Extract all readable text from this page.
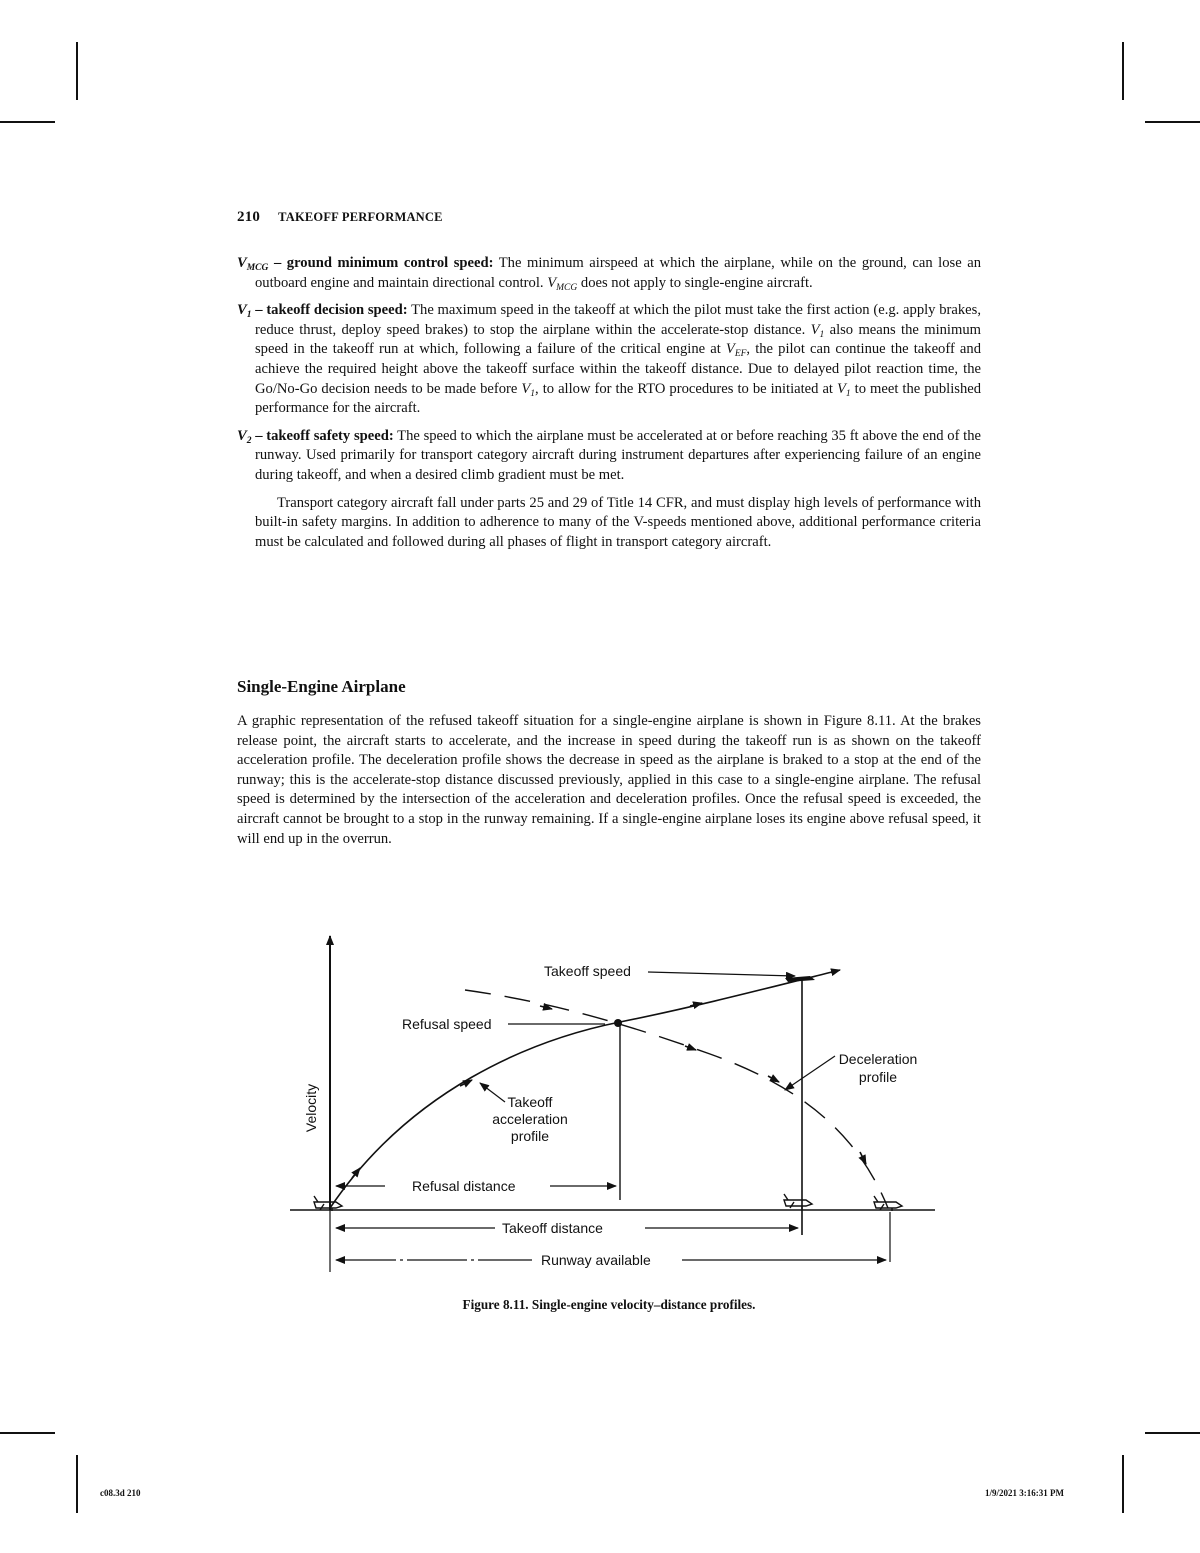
210 TAKEOFF PERFORMANCE

$V_{MCG}$ – ground minimum control speed: The minimum airspeed at which the airplane, while on the ground, can lose an outboard engine and maintain directional control. $V_{MCG}$ does not apply to single-engine aircraft.

$V_1$ – takeoff decision speed: The maximum speed in the takeoff at which the pilot must take the first action (e.g. apply brakes, reduce thrust, deploy speed brakes) to stop the airplane within the accelerate-stop distance. $V_1$ also means the minimum speed in the takeoff run at which, following a failure of the critical engine at $V_{EF}$, the pilot can continue the takeoff and achieve the required height above the takeoff surface within the takeoff distance. Due to delayed pilot reaction time, the Go/No-Go decision needs to be made before $V_1$, to allow for the RTO procedures to be initiated at $V_1$ to meet the published performance for the aircraft.

$V_2$ – takeoff safety speed: The speed to which the airplane must be accelerated at or before reaching 35 ft above the end of the runway. Used primarily for transport category aircraft during instrument departures after experiencing failure of an engine during takeoff, and when a desired climb gradient must be met.

Transport category aircraft fall under parts 25 and 29 of Title 14 CFR, and must display high levels of performance with built-in safety margins. In addition to adherence to many of the V-speeds mentioned above, additional performance criteria must be calculated and followed during all phases of flight in transport category aircraft.

Single-Engine Airplane

A graphic representation of the refused takeoff situation for a single-engine airplane is shown in Figure 8.11. At the brakes release point, the aircraft starts to accelerate, and the increase in speed during the takeoff run is as shown on the takeoff acceleration profile. The deceleration profile shows the decrease in speed as the airplane is braked to a stop at the end of the runway; this is the accelerate-stop distance discussed previously, applied in this case to a single-engine airplane. The refusal speed is determined by the intersection of the acceleration and deceleration profiles. Once the refusal speed is exceeded, the aircraft cannot be brought to a stop in the runway remaining. If a single-engine airplane loses its engine above refusal speed, it will end up in the overrun.

Figure 8.11. Single-engine velocity–distance profiles.
Velocity
Takeoff speed
Refusal speed
Deceleration
profile
Takeoff
acceleration
profile
Refusal distance
Takeoff distance
Runway available
c08.3d 210	1/9/2021 3:16:31 PM
